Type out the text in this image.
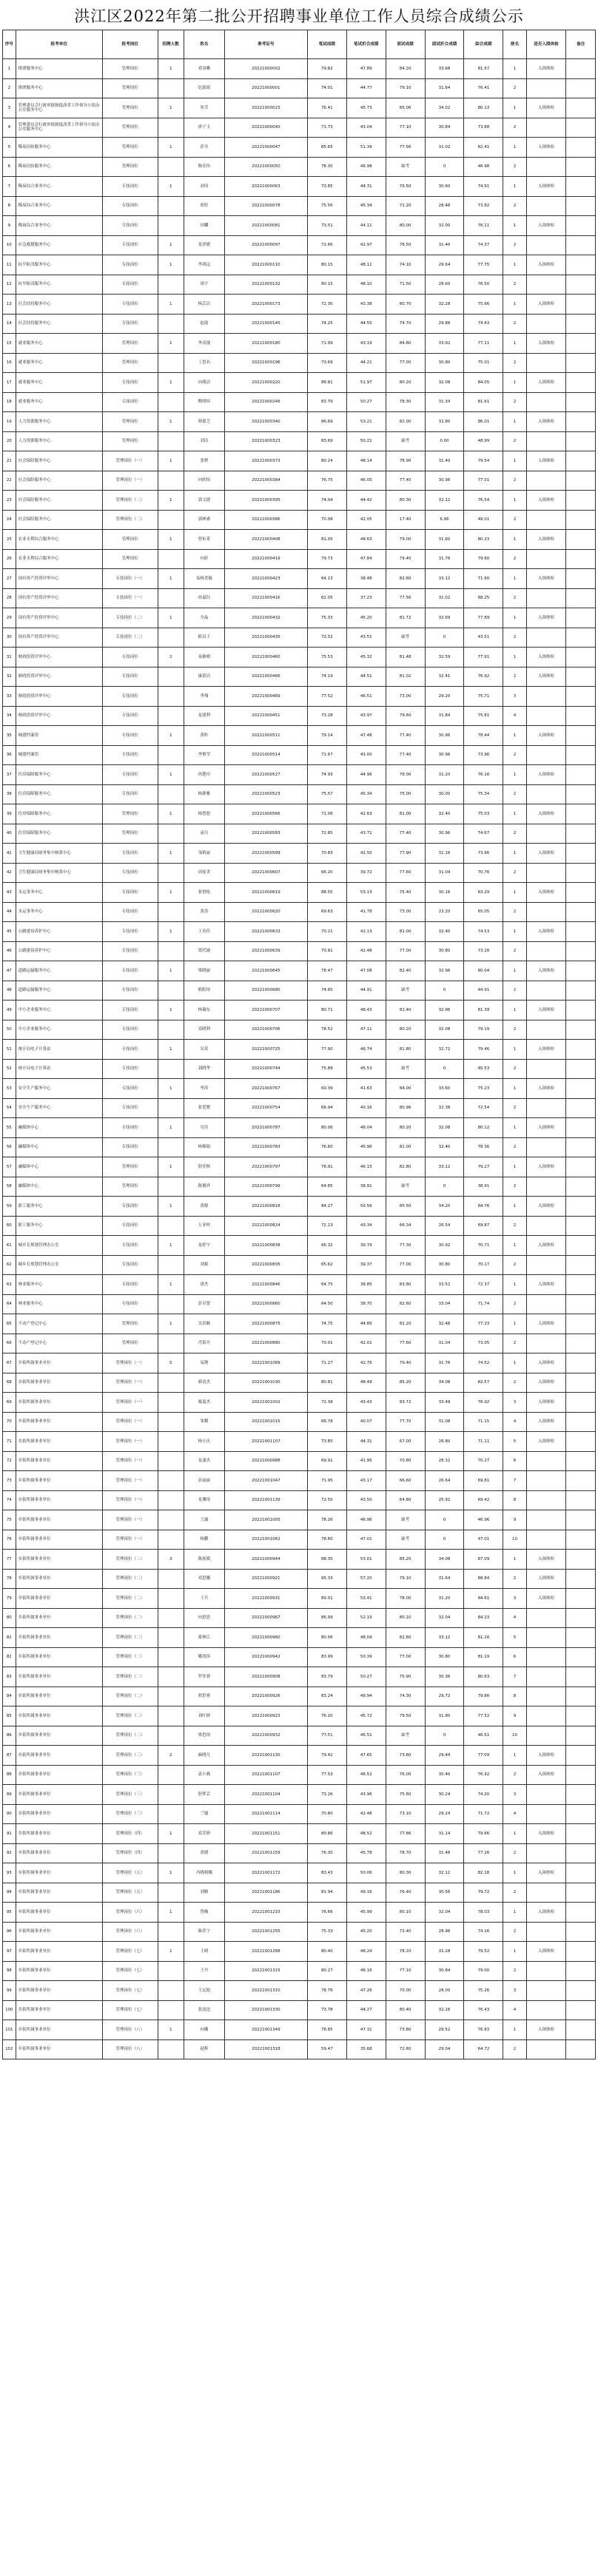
洪江区2022年第二批公开招聘事业单位工作人员综合成绩公示
序号	报考单位	报考岗位	招聘人数	姓名	准考证号	笔试成绩	笔试折合成绩	面试成绩	面试折合成绩	综合成绩	排名	是否入围体检	备注
1	排渡服务中心	管理岗位	1	邓羽晰	20221000002	79.82	47.89	84.20	33.68	81.57	1	入围体检	
2	排渡服务中心	管理岗位		危婧婧	20221000001	74.01	44.77	79.10	31.64	76.41	2		
3	管理委员会行政审批制度改革工作领导小组办公室服务中心	管理岗位	1	朱莹	20221000023	76.41	45.73	85.06	34.02	80.13	1	入围体检	
4	管理委员会行政审批制度改革工作领导小组办公室服务中心	管理岗位		唐子玉	20221000040	71.73	43.04	77.10	30.84	73.88	2		
5	稀夜拉防服务中心	管理岗位	1	彭丞	20221000047	85.65	51.39	77.56	31.02	82.41	1	入围体检	
6	稀夜拉防服务中心	管理岗位		陈佳伟	20221000050	78.30	46.98	缺考	0	46.98	2		
7	稀夜综合事务中心	专技岗位	1	刘玮	20221000063	73.85	44.31	76.50	30.60	74.91	1	入围体检	
8	稀夜综合事务中心	专技岗位		胡恒	20221000078	75.56	45.34	71.20	28.48	73.82	2		
9	稀夜综合事务中心	专技岗位		田麟	20221000081	73.51	44.11	80.00	32.00	76.11	1	入围体检	
10	应急救援服务中心	专技岗位	1	龙泽敏	20221000097	71.66	42.97	78.50	31.40	74.37	2		
11	抗旱防汛服务中心	专技岗位	1	李鸿远	20221000110	80.15	48.11	74.10	29.64	77.75	1	入围体检	
12	抗旱防汛服务中心	专技岗位		周宇	20221000132	80.15	48.10	71.50	28.60	76.50	2		
13	社会扶持服务中心	专技岗位	1	杨芸洁	20221000173	72.30	43.38	80.70	32.28	75.66	1	入围体检	
14	社会扶持服务中心	专技岗位		赵霞	20221000145	74.25	44.55	74.70	29.88	74.43	2		
15	就业服务中心	管理岗位	1	李凌漫	20221000180	71.99	43.19	84.80	33.92	77.11	1	入围体检	
16	就业服务中心	管理岗位		丁思名	20221000196	73.69	44.21	77.00	30.80	75.01	2		
17	就业服务中心	专技岗位	1	向萌洁	20221000220	86.81	51.97	80.20	32.08	84.05	1	入围体检	
18	就业服务中心	专技岗位		陶明炜	20221000246	83.79	50.27	78.30	31.34	81.61	2		
19	人力资源服务中心	管理岗位	1	韩德芝	20221000340	86.69	53.21	82.00	32.80	86.01	1	入围体检	
20	人力资源服务中心	管理岗位		刘洁	20221000323	83.69	50.21	缺考	0.00	48.99	2		
21	社会保险服务中心	管理岗位（一）	1	张橙	20221000373	80.24	48.14	78.90	31.40	79.54	1	入围体检	
22	社会保险服务中心	管理岗位（一）		向欣怡	20221000384	76.75	46.05	77.40	30.96	77.01	2		
23	社会保险服务中心	管理岗位（二）	1	郭文捷	20221000395	74.04	44.42	80.30	32.12	76.54	1	入围体检	
24	社会保险服务中心	管理岗位（二）		郭林睿	20221000386	70.08	42.05	17.40	6.96	49.01	2		
25	农业水利综合服务中心	管理岗位	1	曾珩菁	20221000408	81.05	48.63	79.00	31.60	80.23	1	入围体检	
26	农业水利综合服务中心	管理岗位		向婷	20221000419	79.73	47.84	79.40	31.76	79.60	2		
27	国有资产投资评审中心	专技岗位（一）	1	易杨美毓	20221000423	64.13	38.48	82.60	33.12	71.60	1	入围体检	
28	国有资产投资评审中心	专技岗位（一）		孙嘉钰	20221000416	62.05	37.23	77.56	31.02	68.25	2		
29	国有资产投资评审中心	专技岗位（二）	1	全晶	20221000432	75.33	45.20	81.72	32.69	77.89	1	入围体检	
30	国有资产投资评审中心	专技岗位（二）		欧昌子	20221000435	72.52	43.51	缺考	0	43.51	2		
31	财政投资评审中心	专技岗位	2	易雅晴	20221000460	75.53	45.32	81.48	32.59	77.91	1	入围体检	
32	财政投资评审中心	专技岗位		康蕾洁	20221000466	74.19	44.51	81.02	32.41	76.92	2	入围体检	
33	财政投资评审中心	专技岗位		李翔	20221000469	77.52	46.51	73.00	29.20	75.71	3		
34	财政投资评审中心	专技岗位		龙建利	20221000451	73.28	43.97	79.60	31.84	75.81	4		
35	城建档案馆	专技岗位	1	黄昕	20221000511	79.14	47.48	77.40	30.96	78.44	1	入围体检	
36	城建档案馆	专技岗位		李慎莹	20221000514	71.67	43.00	77.40	30.96	73.96	2		
37	住房保障服务中心	专技岗位	1	孙楚玲	20221000527	74.93	44.96	78.00	31.20	76.16	1	入围体检	
38	住房保障服务中心	专技岗位		杨静雅	20221000523	75.57	45.34	75.00	30.00	75.34	2		
39	住房保障服务中心	管理岗位	1	杨恕恕	20221000566	71.06	42.63	81.00	32.40	75.03	1	入围体检	
40	住房保障服务中心	管理岗位		袁川	20221000583	72.85	43.71	77.40	30.96	74.67	2		
41	卫生健康局财务集中核算中心	专技岗位	1	邹莉丽	20221000599	70.83	42.50	77.90	31.16	73.66	1	入围体检	
42	卫生健康局财务集中核算中心	专技岗位		周家美	20221000607	66.20	39.72	77.60	31.04	70.76	2		
43	水运事务中心	专技岗位	1	张惜纶	20221000619	88.55	53.13	75.40	30.16	83.29	1	入围体检	
44	水运事务中心	专技岗位		张涛	20221000620	69.63	41.78	73.00	23.20	65.05	2		
45	公路建设养护中心	专技岗位	1	王名佳	20221000633	70.21	42.13	81.00	32.40	74.53	1	入围体检	
46	公路建设养护中心	专技岗位		郑代瑜	20221000639	70.81	42.48	77.00	30.80	73.28	2		
47	道路运输服务中心	专技岗位	1	梁晓丽	20221000645	78.47	47.08	82.40	32.96	80.04	1	入围体检	
48	道路运输服务中心	专技岗位		欧阳琼	20221000680	74.85	44.91	缺考	0	44.91	2		
49	中小企业服务中心	专技岗位	1	杨薇东	20221000707	80.71	48.43	82.40	32.96	81.39	1	入围体检	
50	中小企业服务中心	专技岗位		邓晓利	20221000706	78.52	47.11	80.20	32.08	79.19	2		
51	统计局电子计算站	专技岗位	1	吴莫	20221000725	77.90	46.74	81.80	32.72	79.46	1	入围体检	
52	统计局电子计算站	专技岗位		刘晓华	20221000744	75.88	45.53	缺考	0	45.53	2		
53	安全生产服务中心	专技岗位	1	李涛	20221000767	69.39	41.63	84.00	33.60	75.23	1	入围体检	
54	安全生产服务中心	专技岗位		张爱婴	20221000754	66.94	40.16	80.96	32.38	72.54	2		
55	融媒体中心	专技岗位	1	吴佳	20221000787	80.06	48.04	80.20	32.08	80.12	1	入围体检	
56	融媒体中心	专技岗位		杨媚娟	20221000783	76.60	45.96	81.00	32.40	78.36	2		
57	融媒体中心	管理岗位	1	舒奕辉	20221000797	76.91	46.15	82.80	33.12	79.27	1	入围体检	
58	融媒体中心	管理岗位		陈俊祥	20221000799	64.85	38.91	缺考	0	38.91	2		
59	职工服务中心	专技岗位	1	黄醇	20221000818	84.27	50.56	85.50	34.20	84.76	1	入围体检	
60	职工服务中心	专技岗位		万亚梓	20221000824	72.23	43.34	66.34	26.54	69.87	2		
61	城乡长规划管理办公室	专技岗位	1	龙婷宇	20221000838	66.32	39.79	77.30	30.92	70.71	1	入围体检	
62	城乡长规划管理办公室	专技岗位		刘斌	20221000835	65.62	39.37	77.00	30.80	70.17	2		
63	林业服务中心	专技岗位	1	唐杰	20221000846	64.75	38.85	83.80	33.52	72.37	1	入围体检	
64	林业服务中心	专技岗位		彭卓贤	20221000860	64.50	38.70	82.60	33.04	71.74	2		
65	不动产登记中心	管理岗位	1	吴春颖	20221000875	74.75	44.85	81.20	32.48	77.33	1	入围体检	
66	不动产登记中心	管理岗位		肖银丹	20221000880	70.01	42.01	77.60	31.04	73.05	2		
67	乡街所属事业单位	管理岗位（一）	5	易滟	20221001089	71.27	42.76	79.40	31.76	74.52	1	入围体检	
68	乡街所属事业单位	管理岗位（一）		颜清杰	20221001030	80.81	48.49	85.20	34.08	82.57	2	入围体检	
69	乡街所属事业单位	管理岗位（一）		粟嘉杰	20221001002	72.38	43.43	83.72	33.49	76.92	3	入围体检	
70	乡街所属事业单位	管理岗位（一）		邹蝶	20221001015	66.78	40.07	77.70	31.08	71.15	4	入围体检	
71	乡街所属事业单位	管理岗位（一）		杨小庆	20221001107	73.85	44.31	67.00	26.80	71.11	5	入围体检	
72	乡街所属事业单位	管理岗位（一）		龙潇杰	20221000988	69.91	41.95	70.80	28.32	70.27	6		
73	乡街所属事业单位	管理岗位（一）		彭丽丽	20221001047	71.95	43.17	66.60	26.64	69.81	7		
74	乡街所属事业单位	管理岗位（一）		龙珊琦	20221001139	72.50	43.50	64.80	25.92	69.42	8		
75	乡街所属事业单位	管理岗位（一）		王露	20221001005	78.26	46.96	缺考	0	46.96	9		
76	乡街所属事业单位	管理岗位（一）		杨鹏	20221001062	78.60	47.01	缺考	0	47.01	10		
77	乡街所属事业单位	管理岗位（二）	3	陈家媛	20221000944	88.35	53.01	85.20	34.08	87.09	1	入围体检	
78	乡街所属事业单位	管理岗位（二）		邓思娜	20221000921	95.33	57.20	79.10	31.64	88.84	2	入围体检	
79	乡街所属事业单位	管理岗位（二）		王兵	20221000931	89.01	53.41	78.00	31.20	84.61	3	入围体检	
80	乡街所属事业单位	管理岗位（二）		向思思	20221000967	86.99	52.19	80.10	32.04	84.23	4		
81	乡街所属事业单位	管理岗位（二）		蒋林江	20221000960	80.06	48.04	82.80	33.12	81.16	5		
82	乡街所属事业单位	管理岗位（二）		姚凯伟	20221000942	83.99	50.39	77.00	30.80	81.19	6		
83	乡街所属事业单位	管理岗位（二）		罗佳蓉	20221000908	83.79	50.27	75.90	30.36	80.63	7		
84	乡街所属事业单位	管理岗位（二）		胡思蓉	20221000926	83.24	49.94	74.30	29.72	79.66	8		
85	乡街所属事业单位	管理岗位（二）		刘叶群	20221000923	76.20	45.72	79.50	31.80	77.52	9		
86	乡街所属事业单位	管理岗位（二）		梁思琼	20221000932	77.51	46.51	缺考	0	46.51	10		
87	乡街所属事业单位	管理岗位（三）	2	麻晓凡	20221001130	79.42	47.65	73.60	29.44	77.09	1	入围体检	
88	乡街所属事业单位	管理岗位（三）		袁小燕	20221001107	77.53	46.52	76.00	30.40	76.92	2	入围体检	
89	乡街所属事业单位	管理岗位（三）		舒梦芸	20221001104	73.26	43.96	75.60	30.24	74.20	3		
90	乡街所属事业单位	管理岗位（三）		兰婕	20221001114	70.80	42.48	73.10	29.24	71.72	4		
91	乡街所属事业单位	管理岗位（四）	1	邓芳妙	20221001151	80.86	48.52	77.86	31.14	79.66	1	入围体检	
92	乡街所属事业单位	管理岗位（四）		黄媛	20221001159	76.30	45.78	78.70	31.48	77.26	2		
93	乡街所属事业单位	管理岗位（五）	1	冯晓莉娜	20221001172	83.43	50.06	80.30	32.12	82.18	1	入围体检	
94	乡街所属事业单位	管理岗位（五）		刘骏	20221001186	81.94	49.16	76.40	30.56	79.72	2		
95	乡街所属事业单位	管理岗位（六）	1	曾佩	20221001233	76.66	45.99	80.10	32.04	78.03	1	入围体检	
96	乡街所属事业单位	管理岗位（六）		陈佳宁	20221001255	75.33	45.20	72.40	28.96	74.16	2		
97	乡街所属事业单位	管理岗位（七）	1	王晴	20221001288	80.40	48.24	78.20	31.28	79.52	1	入围体检	
98	乡街所属事业单位	管理岗位（七）		王丹	20221001315	80.27	48.16	77.10	30.84	79.00	2		
99	乡街所属事业单位	管理岗位（七）		王远旭	20221001310	78.76	47.26	70.00	28.00	75.26	3		
100	乡街所属事业单位	管理岗位（七）		张迅迅	20221001330	73.78	44.27	80.40	32.16	76.43	4		
101	乡街所属事业单位	管理岗位（八）	1	向娜	20221001349	78.85	47.31	73.80	29.52	76.83	1	入围体检	
102	乡街所属事业单位	管理岗位（八）		赵辉	20221001318	59.47	35.68	72.60	29.04	64.72	2		
